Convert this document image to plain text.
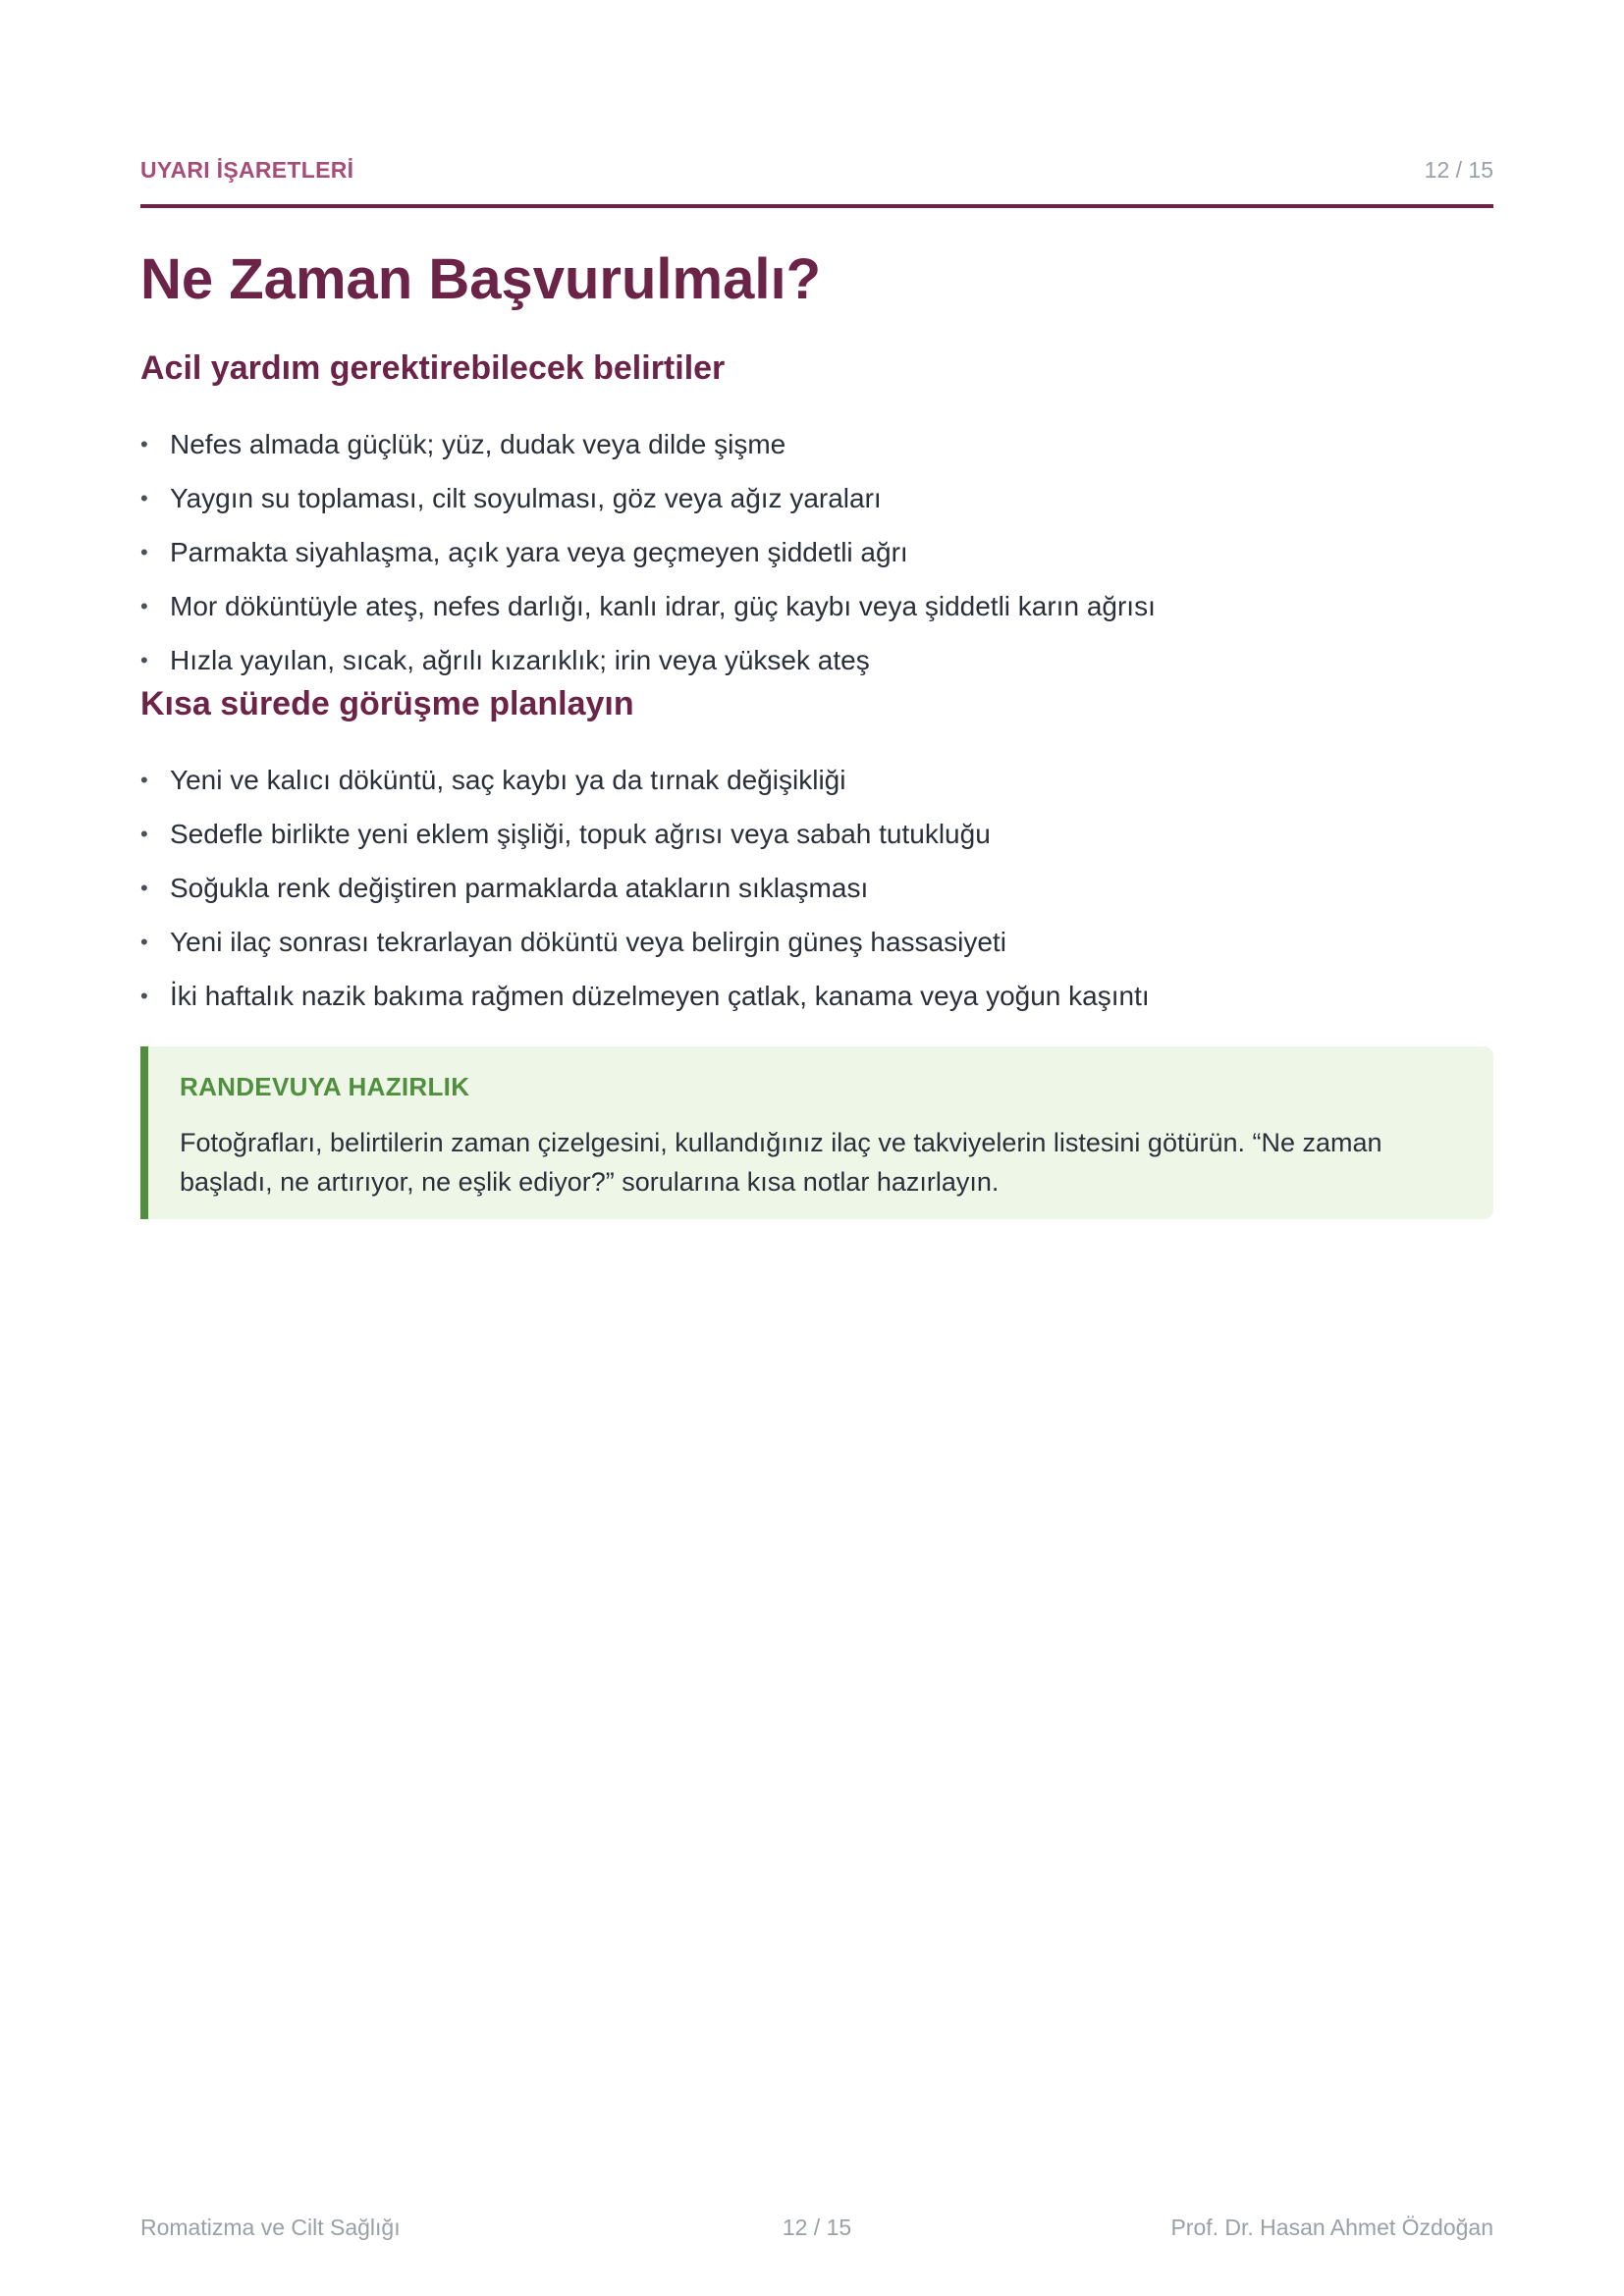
UYARI İŞARETLERİ	12 / 15
Ne Zaman Başvurulmalı?
Acil yardım gerektirebilecek belirtiler
• Nefes almada güçlük; yüz, dudak veya dilde şişme
• Yaygın su toplaması, cilt soyulması, göz veya ağız yaraları
• Parmakta siyahlaşma, açık yara veya geçmeyen şiddetli ağrı
• Mor döküntüyle ateş, nefes darlığı, kanlı idrar, güç kaybı veya şiddetli karın ağrısı
• Hızla yayılan, sıcak, ağrılı kızarıklık; irin veya yüksek ateş
Kısa sürede görüşme planlayın
• Yeni ve kalıcı döküntü, saç kaybı ya da tırnak değişikliği
• Sedefle birlikte yeni eklem şişliği, topuk ağrısı veya sabah tutukluğu
• Soğukla renk değiştiren parmaklarda atakların sıklaşması
• Yeni ilaç sonrası tekrarlayan döküntü veya belirgin güneş hassasiyeti
• İki haftalık nazik bakıma rağmen düzelmeyen çatlak, kanama veya yoğun kaşıntı
RANDEVUYA HAZIRLIK

Fotoğrafları, belirtilerin zaman çizelgesini, kullandığınız ilaç ve takviyelerin listesini götürün. “Ne zaman başladı, ne artırıyor, ne eşlik ediyor?” sorularına kısa notlar hazırlayın.

Romatizma ve Cilt Sağlığı	12 / 15	Prof. Dr. Hasan Ahmet Özdoğan
